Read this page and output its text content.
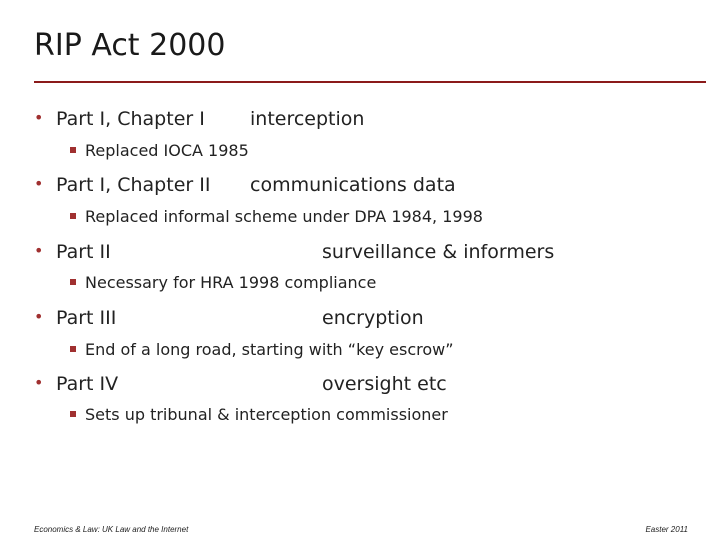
RIP Act 2000
• Part I, Chapter I interception
Replaced IOCA 1985
• Part I, Chapter II communications data
Replaced informal scheme under DPA 1984, 1998
• Part II	surveillance & informers
Necessary for HRA 1998 compliance
• Part III	encryption
End of a long road, starting with “key escrow”
• Part IV	oversight etc
Sets up tribunal & interception commissioner
Economics & Law: UK Law and the Internet	Easter 2011
